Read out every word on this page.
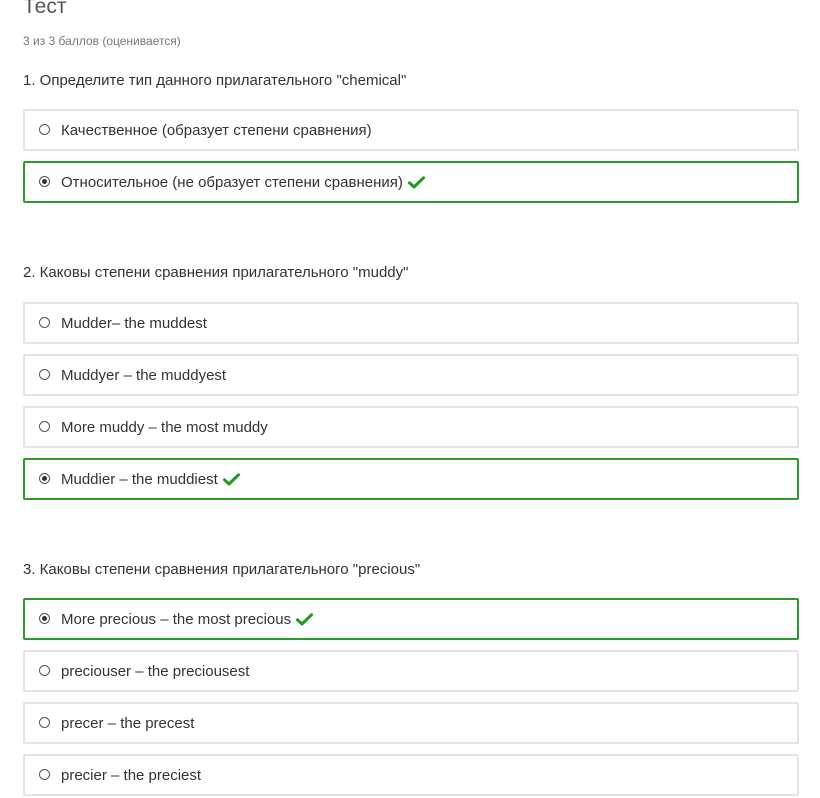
Тест
3 из 3 баллов (оценивается)
1. Определите тип данного прилагательного "chemical"
Качественное (образует степени сравнения)
Относительное (не образует степени сравнения)
2. Каковы степени сравнения прилагательного "muddy"
Mudder– the muddest
Muddyer – the muddyest
More muddy – the most muddy
Muddier – the muddiest
3. Каковы степени сравнения прилагательного "precious"
More precious – the most precious
preciouser – the preciousest
precer – the precest
precier – the preciest
